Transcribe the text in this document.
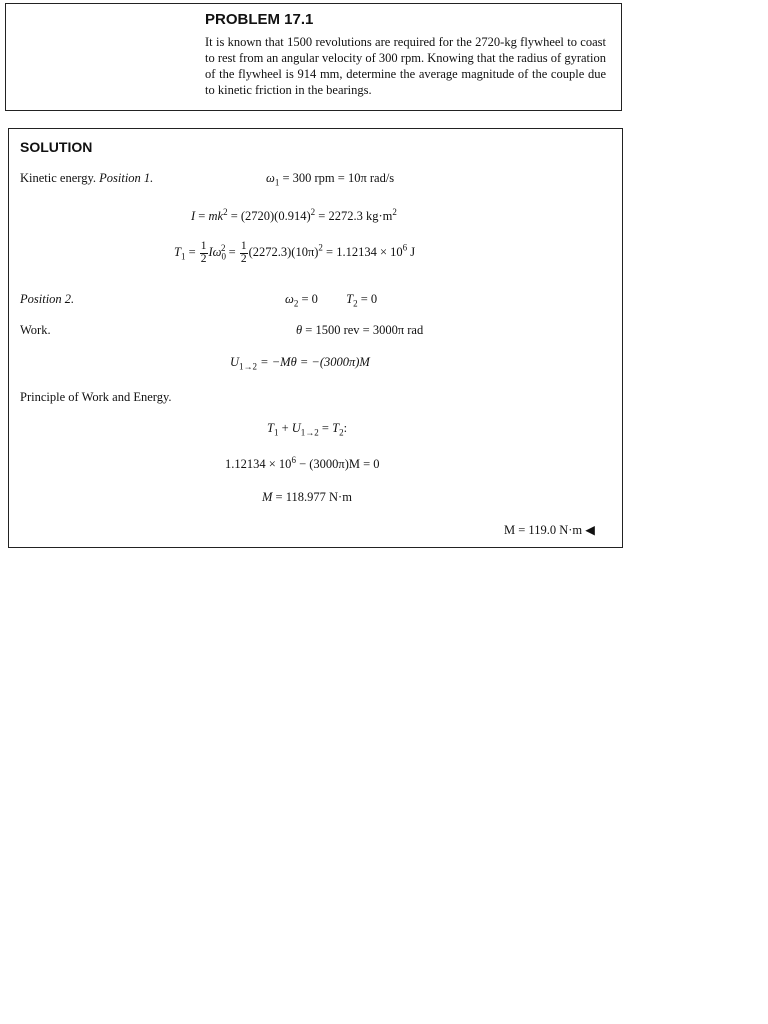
PROBLEM 17.1
It is known that 1500 revolutions are required for the 2720-kg flywheel to coast to rest from an angular velocity of 300 rpm. Knowing that the radius of gyration of the flywheel is 914 mm, determine the average magnitude of the couple due to kinetic friction in the bearings.
SOLUTION
Kinetic energy. Position 1.	$\omega_1 = 300$ rpm = 10π rad/s
$I = mk^2 = (2720)(0.914)^2 = 2272.3$ $kg\cdot m^2$
$T_1 = \frac{1}{2} I\omega_0^2 = \frac{1}{2} (2272.3)(10\pi)^2 = 1.12134 \times 10^6$ J
Position 2.	$\omega_2 = 0$ $T_2 = 0$
Work.	θ = 1500 rev = 3000π rad
$U_{1\to 2} = -M\theta = -(3000\pi)M$
Principle of Work and Energy.
$T_1 + U_{1\to 2} = T_2$:
$1.12134 \times 10^6 - (3000\pi)M = 0$
M = 118.977 N·m
M = 119.0 N·m ◀
